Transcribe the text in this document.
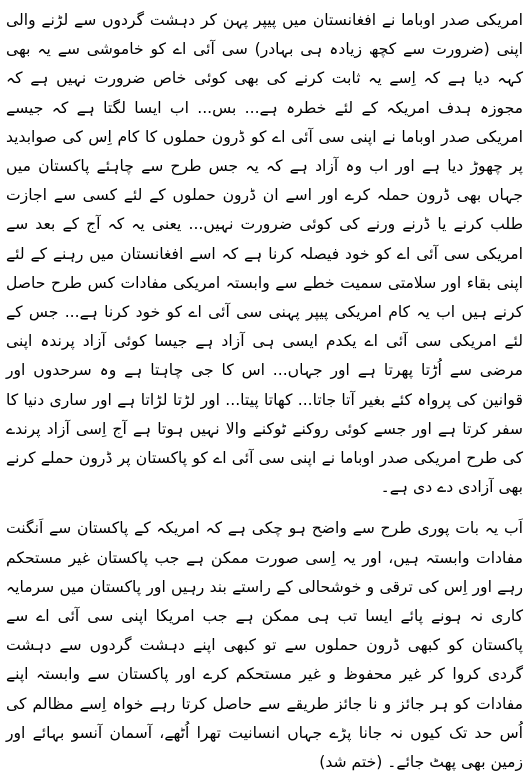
امریکی صدر اوباما نے افغانستان میں پیپر پہن کر دہشت گردوں سے لڑنے والی اپنی (ضرورت سے کچھ زیادہ ہی بہادر) سی آئی اے کو خاموشی سے یہ بھی کہہ دیا ہے کہ اِسے یہ ثابت کرنے کی بھی کوئی خاص ضرورت نہیں ہے کہ مجوزہ ہدف امریکہ کے لئے خطرہ ہے... بس... اب ایسا لگتا ہے کہ جیسے امریکی صدر اوباما نے اپنی سی آئی اے کو ڈرون حملوں کا کام اِس کی صوابدید پر چھوڑ دیا ہے اور اب وہ آزاد ہے کہ یہ جس طرح سے چاہئے پاکستان میں جہاں بھی ڈرون حملہ کرے اور اسے ان ڈرون حملوں کے لئے کسی سے اجازت طلب کرنے یا ڈرنے ورنے کی کوئی ضرورت نہیں... یعنی یہ کہ آج کے بعد سے امریکی سی آئی اے کو خود فیصلہ کرنا ہے کہ اسے افغانستان میں رہنے کے لئے اپنی بقاء اور سلامتی سمیت خطے سے وابستہ امریکی مفادات کس طرح حاصل کرنے ہیں اب یہ کام امریکی پیپر پہنی سی آئی اے کو خود کرنا ہے... جس کے لئے امریکی سی آئی اے یکدم ایسی ہی آزاد ہے جیسا کوئی آزاد پرندہ اپنی مرضی سے اُڑتا پھرتا ہے اور جہاں... اس کا جی چاہتا ہے وہ سرحدوں اور قوانین کی پرواہ کئے بغیر آتا جاتا... کھاتا پیتا... اور لڑتا لڑاتا ہے اور ساری دنیا کا سفر کرتا ہے اور جسے کوئی روکنے ٹوکنے والا نہیں ہوتا ہے آج اِسی آزاد پرندے کی طرح امریکی صدر اوباما نے اپنی سی آئی اے کو پاکستان پر ڈرون حملے کرنے بھی آزادی دے دی ہے۔

اَب یہ بات پوری طرح سے واضح ہو چکی ہے کہ امریکہ کے پاکستان سے اَنگنت مفادات وابستہ ہیں، اور یہ اِسی صورت ممکن ہے جب پاکستان غیر مستحکم رہے اور اِس کی ترقی و خوشحالی کے راستے بند رہیں اور پاکستان میں سرمایہ کاری نہ ہونے پائے ایسا تب ہی ممکن ہے جب امریکا اپنی سی آئی اے سے پاکستان کو کبھی ڈرون حملوں سے تو کبھی اپنے دہشت گردوں سے دہشت گردی کروا کر غیر محفوظ و غیر مستحکم کرے اور پاکستان سے وابستہ اپنے مفادات کو ہر جائز و نا جائز طریقے سے حاصل کرتا رہے خواہ اِسے مظالم کی اُس حد تک کیوں نہ جانا پڑے جہاں انسانیت تھرا اُٹھے، آسمان آنسو بہائے اور زمین بھی پھٹ جائے۔ (ختم شد)
